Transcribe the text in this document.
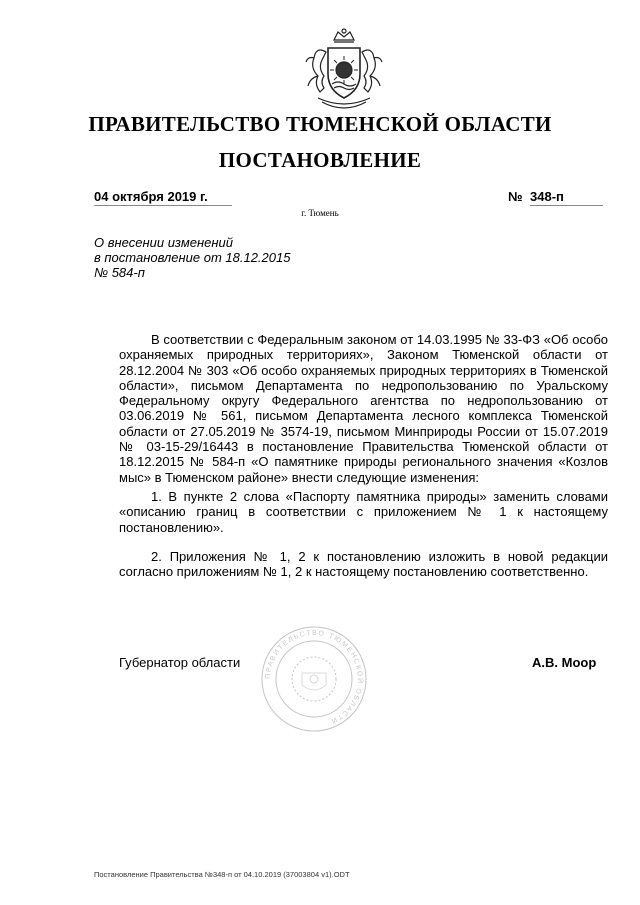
ПРАВИТЕЛЬСТВО ТЮМЕНСКОЙ ОБЛАСТИ
ПОСТАНОВЛЕНИЕ
04 октября 2019 г.	№ 348-п
г. Тюмень
О внесении изменений
в постановление от 18.12.2015
№ 584-п

В соответствии с Федеральным законом от 14.03.1995 № 33-ФЗ «Об особо охраняемых природных территориях», Законом Тюменской области от 28.12.2004 № 303 «Об особо охраняемых природных территориях в Тюменской области», письмом Департамента по недропользованию по Уральскому Федеральному округу Федерального агентства по недропользованию от 03.06.2019 № 561, письмом Департамента лесного комплекса Тюменской области от 27.05.2019 № 3574-19, письмом Минприроды России от 15.07.2019 № 03-15-29/16443 в постановление Правительства Тюменской области от 18.12.2015 № 584-п «О памятнике природы регионального значения «Козлов мыс» в Тюменском районе» внести следующие изменения:

1. В пункте 2 слова «Паспорту памятника природы» заменить словами «описанию границ в соответствии с приложением № 1 к настоящему постановлению».

2. Приложения № 1, 2 к постановлению изложить в новой редакции согласно приложениям № 1, 2 к настоящему постановлению соответственно.

ПРАВИТЕЛЬСТВО ТЮМЕНСКОЙ ОБЛАСТИ
Губернатор области	А.В. Моор
Постановление Правительства №348-п от 04.10.2019 (37003804 v1).ODT
